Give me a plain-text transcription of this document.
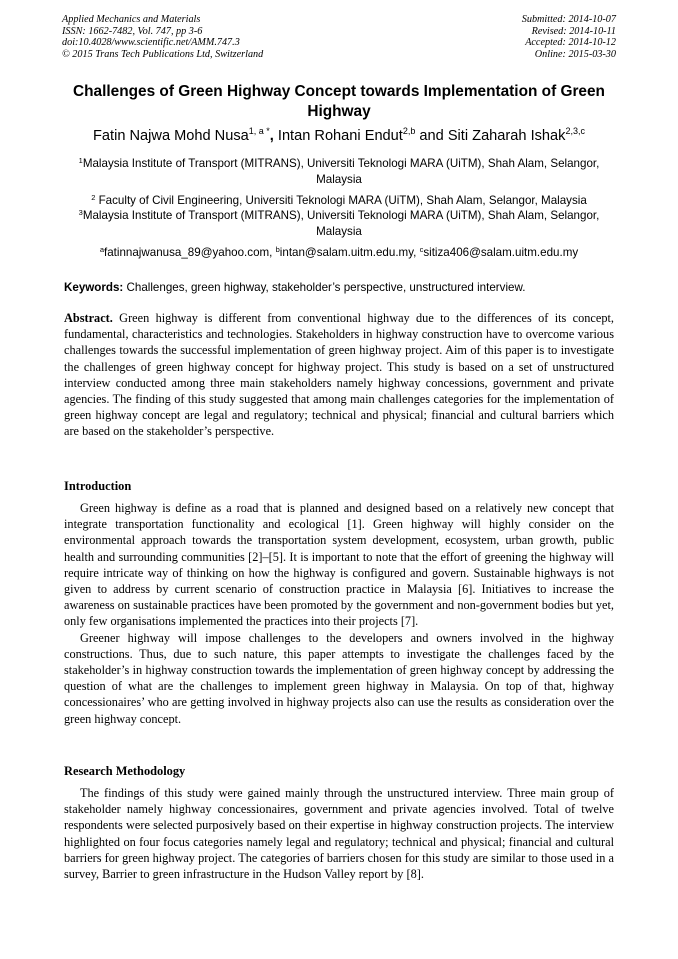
Applied Mechanics and Materials
ISSN: 1662-7482, Vol. 747, pp 3-6
doi:10.4028/www.scientific.net/AMM.747.3
© 2015 Trans Tech Publications Ltd, Switzerland
Submitted: 2014-10-07
Revised: 2014-10-11
Accepted: 2014-10-12
Online: 2015-03-30
Challenges of Green Highway Concept towards Implementation of Green Highway
Fatin Najwa Mohd Nusa$^{1, a *}$, Intan Rohani Endut$^{2,b}$ and Siti Zaharah Ishak$^{2,3,c}$
$^1$Malaysia Institute of Transport (MITRANS), Universiti Teknologi MARA (UiTM), Shah Alam, Selangor, Malaysia
$^2$ Faculty of Civil Engineering, Universiti Teknologi MARA (UiTM), Shah Alam, Selangor, Malaysia
$^3$Malaysia Institute of Transport (MITRANS), Universiti Teknologi MARA (UiTM), Shah Alam, Selangor, Malaysia
$^a$fatinnajwanusa_89@yahoo.com, $^b$intan@salam.uitm.edu.my, $^c$sitiza406@salam.uitm.edu.my
Keywords: Challenges, green highway, stakeholder’s perspective, unstructured interview.

Abstract. Green highway is different from conventional highway due to the differences of its concept, fundamental, characteristics and technologies. Stakeholders in highway construction have to overcome various challenges towards the successful implementation of green highway project. Aim of this paper is to investigate the challenges of green highway concept for highway project. This study is based on a set of unstructured interview conducted among three main stakeholders namely highway concessions, government and private agencies. The finding of this study suggested that among main challenges categories for the implementation of green highway concept are legal and regulatory; technical and physical; financial and cultural barriers which are based on the stakeholder’s perspective.

Introduction

Green highway is define as a road that is planned and designed based on a relatively new concept that integrate transportation functionality and ecological [1]. Green highway will highly consider on the environmental approach towards the transportation system development, ecosystem, urban growth, public health and surrounding communities [2]–[5]. It is important to note that the effort of greening the highway will require intricate way of thinking on how the highway is configured and govern. Sustainable highways is not given to address by current scenario of construction practice in Malaysia [6]. Initiatives to increase the awareness on sustainable practices have been promoted by the government and non-government bodies but yet, only few organisations implemented the practices into their projects [7].

Greener highway will impose challenges to the developers and owners involved in the highway constructions. Thus, due to such nature, this paper attempts to investigate the challenges faced by the stakeholder’s in highway construction towards the implementation of green highway concept by addressing the question of what are the challenges to implement green highway in Malaysia. On top of that, highway concessionaires’ who are getting involved in highway projects also can use the results as consideration over the green highway concept.

Research Methodology

The findings of this study were gained mainly through the unstructured interview. Three main group of stakeholder namely highway concessionaires, government and private agencies involved. Total of twelve respondents were selected purposively based on their expertise in highway construction projects. The interview highlighted on four focus categories namely legal and regulatory; technical and physical; financial and cultural barriers for green highway project. The categories of barriers chosen for this study are similar to those used in a survey, Barrier to green infrastructure in the Hudson Valley report by [8].
